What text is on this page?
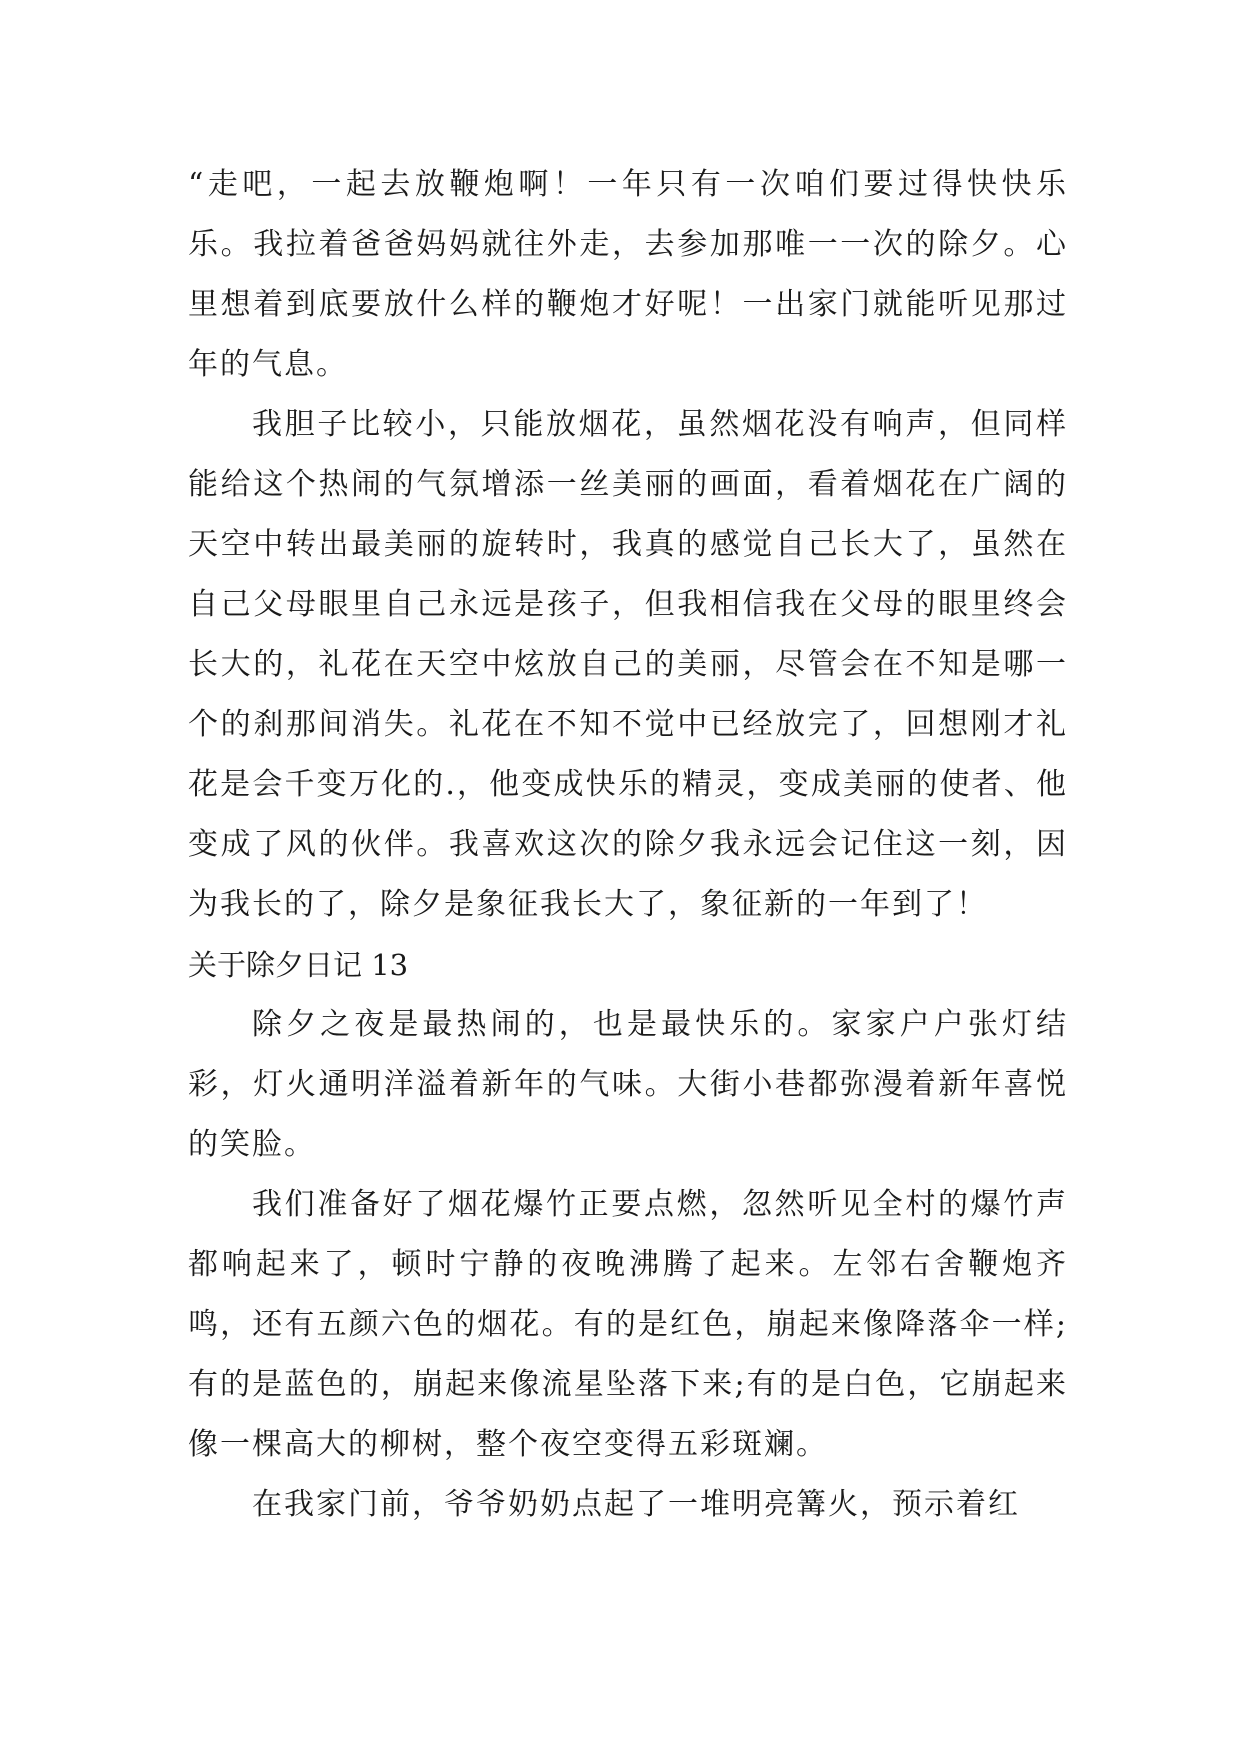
“走吧，一起去放鞭炮啊！一年只有一次咱们要过得快快乐乐。我拉着爸爸妈妈就往外走，去参加那唯一一次的除夕。心里想着到底要放什么样的鞭炮才好呢！一出家门就能听见那过年的气息。

我胆子比较小，只能放烟花，虽然烟花没有响声，但同样能给这个热闹的气氛增添一丝美丽的画面，看着烟花在广阔的天空中转出最美丽的旋转时，我真的感觉自己长大了，虽然在自己父母眼里自己永远是孩子，但我相信我在父母的眼里终会长大的，礼花在天空中炫放自己的美丽，尽管会在不知是哪一个的刹那间消失。礼花在不知不觉中已经放完了，回想刚才礼花是会千变万化的.，他变成快乐的精灵，变成美丽的使者、他变成了风的伙伴。我喜欢这次的除夕我永远会记住这一刻，因为我长的了，除夕是象征我长大了，象征新的一年到了！

关于除夕日记 13

除夕之夜是最热闹的，也是最快乐的。家家户户张灯结彩，灯火通明洋溢着新年的气味。大街小巷都弥漫着新年喜悦的笑脸。

我们准备好了烟花爆竹正要点燃，忽然听见全村的爆竹声都响起来了，顿时宁静的夜晚沸腾了起来。左邻右舍鞭炮齐鸣，还有五颜六色的烟花。有的是红色，崩起来像降落伞一样;有的是蓝色的，崩起来像流星坠落下来;有的是白色，它崩起来像一棵高大的柳树，整个夜空变得五彩斑斓。

在我家门前，爷爷奶奶点起了一堆明亮篝火，预示着红
